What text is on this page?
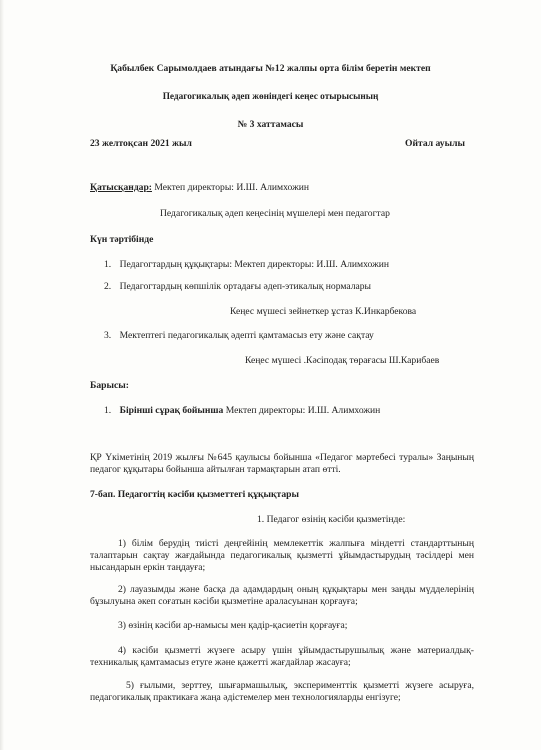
Қабылбек Сарымолдаев атындағы №12 жалпы орта білім беретін мектеп
Педагогикалық әдеп жөніндегі кеңес отырысының
№ 3 хаттамасы
23 желтоқсан 2021 жыл	Ойтал ауылы
Қатысқандар: Мектеп директоры: И.Ш. Алимхожин
Педагогикалық әдеп кеңесінің мүшелері мен педагогтар
Күн тәртібінде
1. Педагогтардың құқықтары: Мектеп директоры: И.Ш. Алимхожин
2. Педагогтардың көпшілік ортадағы әдеп-этикалық нормалары
Кеңес мүшесі зейнеткер ұстаз К.Инкарбекова
3. Мектептегі педагогикалық әдепті қамтамасыз ету және сақтау
Кеңес мүшесі .Кәсіподақ төрағасы Ш.Карибаев
Барысы:
1. Бірінші сұрақ бойынша Мектеп директоры: И.Ш. Алимхожин
ҚР Үкіметінің 2019 жылғы №645 қаулысы бойынша «Педагог мәртебесі туралы» Заңының педагог құқытары бойынша айтылған тармақтарын атап өтті.
7-бап. Педагогтің кәсіби қызметтегі құқықтары
1. Педагог өзінің кәсіби қызметінде:
1) білім берудің тиісті деңгейінің мемлекеттік жалпыға міндетті стандарттының талаптарын сақтау жағдайында педагогикалық қызметті ұйымдастырудың тәсілдері мен нысандарын еркін таңдауға;
2) лауазымды және басқа да адамдардың оның құқықтары мен заңды мүдделерінің бұзылуына әкеп соғатын кәсіби қызметіне араласуынан қорғауға;
3) өзінің кәсіби ар-намысы мен қадір-қасиетін қорғауға;
4) кәсіби қызметті жүзеге асыру үшін ұйымдастырушылық және материалдық-техникалық қамтамасыз етуге және қажетті жағдайлар жасауға;
5) ғылыми, зерттеу, шығармашылық, эксперименттік қызметті жүзеге асыруға, педагогикалық практикаға жаңа әдістемелер мен технологияларды енгізуге;
